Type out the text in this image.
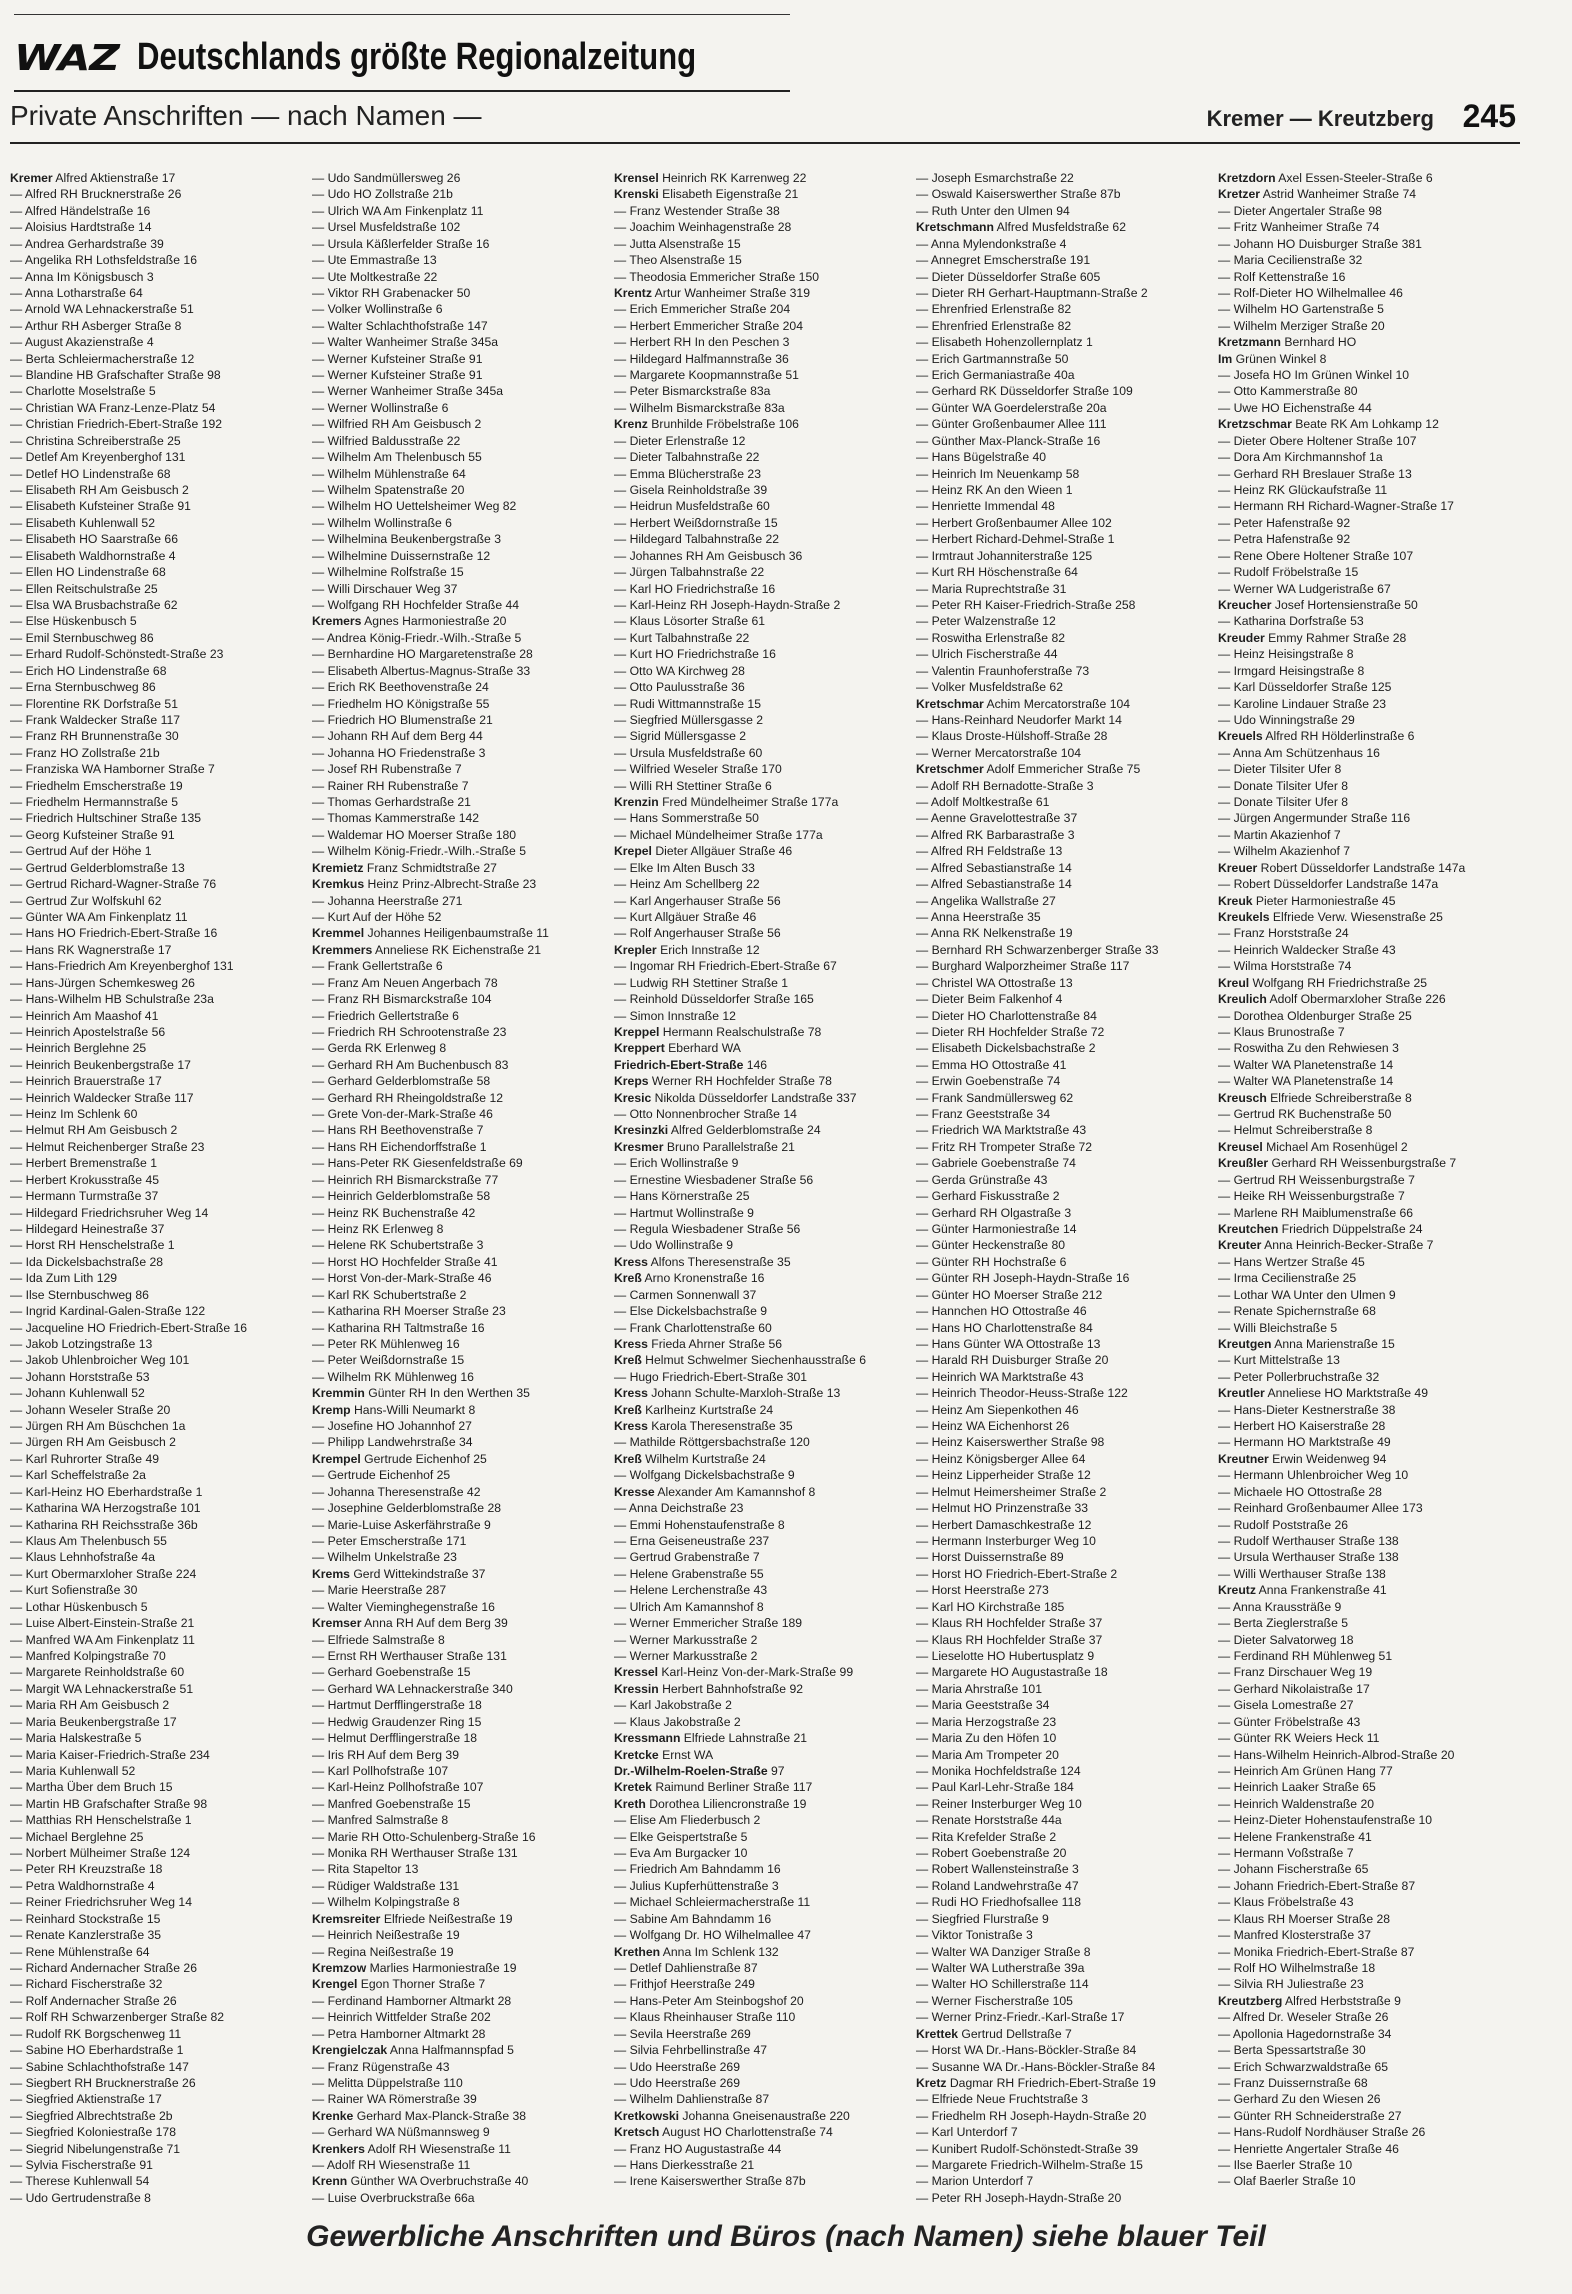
WAZ Deutschlands größte Regionalzeitung
Private Anschriften — nach Namen —	Kremer — Kreutzberg 245
Kremer Alfred Aktienstraße 17
— Alfred RH Brucknerstraße 26
— Alfred Händelstraße 16
— Aloisius Hardtstraße 14
— Andrea Gerhardstraße 39
— Angelika RH Lothsfeldstraße 16
— Anna Im Königsbusch 3
— Anna Lotharstraße 64
— Arnold WA Lehnackerstraße 51
— Arthur RH Asberger Straße 8
— August Akazienstraße 4
— Berta Schleiermacherstraße 12
— Blandine HB Grafschafter Straße 98
— Charlotte Moselstraße 5
— Christian WA Franz-Lenze-Platz 54
— Christian Friedrich-Ebert-Straße 192
— Christina Schreiberstraße 25
— Detlef Am Kreyenberghof 131
— Detlef HO Lindenstraße 68
— Elisabeth RH Am Geisbusch 2
— Elisabeth Kufsteiner Straße 91
— Elisabeth Kuhlenwall 52
— Elisabeth HO Saarstraße 66
— Elisabeth Waldhornstraße 4
— Ellen HO Lindenstraße 68
— Ellen Reitschulstraße 25
— Elsa WA Brusbachstraße 62
— Else Hüskenbusch 5
— Emil Sternbuschweg 86
— Erhard Rudolf-Schönstedt-Straße 23
— Erich HO Lindenstraße 68
— Erna Sternbuschweg 86
— Florentine RK Dorfstraße 51
— Frank Waldecker Straße 117
— Franz RH Brunnenstraße 30
— Franz HO Zollstraße 21b
— Franziska WA Hamborner Straße 7
— Friedhelm Emscherstraße 19
— Friedhelm Hermannstraße 5
— Friedrich Hultschiner Straße 135
— Georg Kufsteiner Straße 91
— Gertrud Auf der Höhe 1
— Gertrud Gelderblomstraße 13
— Gertrud Richard-Wagner-Straße 76
— Gertrud Zur Wolfskuhl 62
— Günter WA Am Finkenplatz 11
— Hans HO Friedrich-Ebert-Straße 16
— Hans RK Wagnerstraße 17
— Hans-Friedrich Am Kreyenberghof 131
— Hans-Jürgen Schemkesweg 26
— Hans-Wilhelm HB Schulstraße 23a
— Heinrich Am Maashof 41
— Heinrich Apostelstraße 56
— Heinrich Berglehne 25
— Heinrich Beukenbergstraße 17
— Heinrich Brauerstraße 17
— Heinrich Waldecker Straße 117
— Heinz Im Schlenk 60
— Helmut RH Am Geisbusch 2
— Helmut Reichenberger Straße 23
— Herbert Bremenstraße 1
— Herbert Krokusstraße 45
— Hermann Turmstraße 37
— Hildegard Friedrichsruher Weg 14
— Hildegard Heinestraße 37
— Horst RH Henschelstraße 1
— Ida Dickelsbachstraße 28
— Ida Zum Lith 129
— Ilse Sternbuschweg 86
— Ingrid Kardinal-Galen-Straße 122
— Jacqueline HO Friedrich-Ebert-Straße 16
— Jakob Lotzingstraße 13
— Jakob Uhlenbroicher Weg 101
— Johann Horststraße 53
— Johann Kuhlenwall 52
— Johann Weseler Straße 20
— Jürgen RH Am Büschchen 1a
— Jürgen RH Am Geisbusch 2
— Karl Ruhrorter Straße 49
— Karl Scheffelstraße 2a
— Karl-Heinz HO Eberhardstraße 1
— Katharina WA Herzogstraße 101
— Katharina RH Reichsstraße 36b
— Klaus Am Thelenbusch 55
— Klaus Lehnhofstraße 4a
— Kurt Obermarxloher Straße 224
— Kurt Sofienstraße 30
— Lothar Hüskenbusch 5
— Luise Albert-Einstein-Straße 21
— Manfred WA Am Finkenplatz 11
— Manfred Kolpingstraße 70
— Margarete Reinholdstraße 60
— Margit WA Lehnackerstraße 51
— Maria RH Am Geisbusch 2
— Maria Beukenbergstraße 17
— Maria Halskestraße 5
— Maria Kaiser-Friedrich-Straße 234
— Maria Kuhlenwall 52
— Martha Über dem Bruch 15
— Martin HB Grafschafter Straße 98
— Matthias RH Henschelstraße 1
— Michael Berglehne 25
— Norbert Mülheimer Straße 124
— Peter RH Kreuzstraße 18
— Petra Waldhornstraße 4
— Reiner Friedrichsruher Weg 14
— Reinhard Stockstraße 15
— Renate Kanzlerstraße 35
— Rene Mühlenstraße 64
— Richard Andernacher Straße 26
— Richard Fischerstraße 32
— Rolf Andernacher Straße 26
— Rolf RH Schwarzenberger Straße 82
— Rudolf RK Borgschenweg 11
— Sabine HO Eberhardstraße 1
— Sabine Schlachthofstraße 147
— Siegbert RH Brucknerstraße 26
— Siegfried Aktienstraße 17
— Siegfried Albrechtstraße 2b
— Siegfried Koloniestraße 178
— Siegrid Nibelungenstraße 71
— Sylvia Fischerstraße 91
— Therese Kuhlenwall 54
— Udo Gertrudenstraße 8
— Udo Sandmüllersweg 26
— Udo HO Zollstraße 21b
— Ulrich WA Am Finkenplatz 11
— Ursel Musfeldstraße 102
— Ursula Käßlerfelder Straße 16
— Ute Emmastraße 13
— Ute Moltkestraße 22
— Viktor RH Grabenacker 50
— Volker Wollinstraße 6
— Walter Schlachthofstraße 147
— Walter Wanheimer Straße 345a
— Werner Kufsteiner Straße 91
— Werner Kufsteiner Straße 91
— Werner Wanheimer Straße 345a
— Werner Wollinstraße 6
— Wilfried RH Am Geisbusch 2
— Wilfried Baldusstraße 22
— Wilhelm Am Thelenbusch 55
— Wilhelm Mühlenstraße 64
— Wilhelm Spatenstraße 20
— Wilhelm HO Uettelsheimer Weg 82
— Wilhelm Wollinstraße 6
— Wilhelmina Beukenbergstraße 3
— Wilhelmine Duissernstraße 12
— Wilhelmine Rolfstraße 15
— Willi Dirschauer Weg 37
— Wolfgang RH Hochfelder Straße 44
Kremers Agnes Harmoniestraße 20
— Andrea König-Friedr.-Wilh.-Straße 5
— Bernhardine HO Margaretenstraße 28
— Elisabeth Albertus-Magnus-Straße 33
— Erich RK Beethovenstraße 24
— Friedhelm HO Königstraße 55
— Friedrich HO Blumenstraße 21
— Johann RH Auf dem Berg 44
— Johanna HO Friedenstraße 3
— Josef RH Rubenstraße 7
— Rainer RH Rubenstraße 7
— Thomas Gerhardstraße 21
— Thomas Kammerstraße 142
— Waldemar HO Moerser Straße 180
— Wilhelm König-Friedr.-Wilh.-Straße 5
Kremietz Franz Schmidtstraße 27
Kremkus Heinz Prinz-Albrecht-Straße 23
— Johanna Heerstraße 271
— Kurt Auf der Höhe 52
Kremmel Johannes Heiligenbaumstraße 11
Kremmers Anneliese RK Eichenstraße 21
— Frank Gellertstraße 6
— Franz Am Neuen Angerbach 78
— Franz RH Bismarckstraße 104
— Friedrich Gellertstraße 6
— Friedrich RH Schrootenstraße 23
— Gerda RK Erlenweg 8
— Gerhard RH Am Buchenbusch 83
— Gerhard Gelderblomstraße 58
— Gerhard RH Rheingoldstraße 12
— Grete Von-der-Mark-Straße 46
— Hans RH Beethovenstraße 7
— Hans RH Eichendorffstraße 1
— Hans-Peter RK Giesenfeldstraße 69
— Heinrich RH Bismarckstraße 77
— Heinrich Gelderblomstraße 58
— Heinz RK Buchenstraße 42
— Heinz RK Erlenweg 8
— Helene RK Schubertstraße 3
— Horst HO Hochfelder Straße 41
— Horst Von-der-Mark-Straße 46
— Karl RK Schubertstraße 2
— Katharina RH Moerser Straße 23
— Katharina RH Taltmstraße 16
— Peter RK Mühlenweg 16
— Peter Weißdornstraße 15
— Wilhelm RK Mühlenweg 16
Kremmin Günter RH In den Werthen 35
Kremp Hans-Willi Neumarkt 8
— Josefine HO Johannhof 27
— Philipp Landwehrstraße 34
Krempel Gertrude Eichenhof 25
— Gertrude Eichenhof 25
— Johanna Theresenstraße 42
— Josephine Gelderblomstraße 28
— Marie-Luise Askerfährstraße 9
— Peter Emscherstraße 171
— Wilhelm Unkelstraße 23
Krems Gerd Wittekindstraße 37
— Marie Heerstraße 287
— Walter Vieminghegenstraße 16
Kremser Anna RH Auf dem Berg 39
— Elfriede Salmstraße 8
— Ernst RH Werthauser Straße 131
— Gerhard Goebenstraße 15
— Gerhard WA Lehnackerstraße 340
— Hartmut Derfflingerstraße 18
— Hedwig Graudenzer Ring 15
— Helmut Derfflingerstraße 18
— Iris RH Auf dem Berg 39
— Karl Pollhofstraße 107
— Karl-Heinz Pollhofstraße 107
— Manfred Goebenstraße 15
— Manfred Salmstraße 8
— Marie RH Otto-Schulenberg-Straße 16
— Monika RH Werthauser Straße 131
— Rita Stapeltor 13
— Rüdiger Waldstraße 131
— Wilhelm Kolpingstraße 8
Kremsreiter Elfriede Neißestraße 19
— Heinrich Neißestraße 19
— Regina Neißestraße 19
Kremzow Marlies Harmoniestraße 19
Krengel Egon Thorner Straße 7
— Ferdinand Hamborner Altmarkt 28
— Heinrich Wittfelder Straße 202
— Petra Hamborner Altmarkt 28
Krengielczak Anna Halfmannspfad 5
— Franz Rügenstraße 43
— Melitta Düppelstraße 110
— Rainer WA Römerstraße 39
Krenke Gerhard Max-Planck-Straße 38
— Gerhard WA Nüßmannsweg 9
Krenkers Adolf RH Wiesenstraße 11
— Adolf RH Wiesenstraße 11
Krenn Günther WA Overbruchstraße 40
— Luise Overbruckstraße 66a
Krensel Heinrich RK Karrenweg 22
Krenski Elisabeth Eigenstraße 21
— Franz Westender Straße 38
— Joachim Weinhagenstraße 28
— Jutta Alsenstraße 15
— Theo Alsenstraße 15
— Theodosia Emmericher Straße 150
Krentz Artur Wanheimer Straße 319
— Erich Emmericher Straße 204
— Herbert Emmericher Straße 204
— Herbert RH In den Peschen 3
— Hildegard Halfmannstraße 36
— Margarete Koopmannstraße 51
— Peter Bismarckstraße 83a
— Wilhelm Bismarckstraße 83a
Krenz Brunhilde Fröbelstraße 106
— Dieter Erlenstraße 12
— Dieter Talbahnstraße 22
— Emma Blücherstraße 23
— Gisela Reinholdstraße 39
— Heidrun Musfeldstraße 60
— Herbert Weißdornstraße 15
— Hildegard Talbahnstraße 22
— Johannes RH Am Geisbusch 36
— Jürgen Talbahnstraße 22
— Karl HO Friedrichstraße 16
— Karl-Heinz RH Joseph-Haydn-Straße 2
— Klaus Lösorter Straße 61
— Kurt Talbahnstraße 22
— Kurt HO Friedrichstraße 16
— Otto WA Kirchweg 28
— Otto Paulusstraße 36
— Rudi Wittmannstraße 15
— Siegfried Müllersgasse 2
— Sigrid Müllersgasse 2
— Ursula Musfeldstraße 60
— Wilfried Weseler Straße 170
— Willi RH Stettiner Straße 6
Krenzin Fred Mündelheimer Straße 177a
— Hans Sommerstraße 50
— Michael Mündelheimer Straße 177a
Krepel Dieter Allgäuer Straße 46
— Elke Im Alten Busch 33
— Heinz Am Schellberg 22
— Karl Angerhauser Straße 56
— Kurt Allgäuer Straße 46
— Rolf Angerhauser Straße 56
Krepler Erich Innstraße 12
— Ingomar RH Friedrich-Ebert-Straße 67
— Ludwig RH Stettiner Straße 1
— Reinhold Düsseldorfer Straße 165
— Simon Innstraße 12
Kreppel Hermann Realschulstraße 78
Kreppert Eberhard WA
Friedrich-Ebert-Straße 146
Kreps Werner RH Hochfelder Straße 78
Kresic Nikolda Düsseldorfer Landstraße 337
— Otto Nonnenbrocher Straße 14
Kresinzki Alfred Gelderblomstraße 24
Kresmer Bruno Parallelstraße 21
— Erich Wollinstraße 9
— Ernestine Wiesbadener Straße 56
— Hans Körnerstraße 25
— Hartmut Wollinstraße 9
— Regula Wiesbadener Straße 56
— Udo Wollinstraße 9
Kress Alfons Theresenstraße 35
Kreß Arno Kronenstraße 16
— Carmen Sonnenwall 37
— Else Dickelsbachstraße 9
— Frank Charlottenstraße 60
Kress Frieda Ahrner Straße 56
Kreß Helmut Schwelmer Siechenhausstraße 6
— Hugo Friedrich-Ebert-Straße 301
Kress Johann Schulte-Marxloh-Straße 13
Kreß Karlheinz Kurtstraße 24
Kress Karola Theresenstraße 35
— Mathilde Röttgersbachstraße 120
Kreß Wilhelm Kurtstraße 24
— Wolfgang Dickelsbachstraße 9
Kresse Alexander Am Kamannshof 8
— Anna Deichstraße 23
— Emmi Hohenstaufenstraße 8
— Erna Geiseneustraße 237
— Gertrud Grabenstraße 7
— Helene Grabenstraße 55
— Helene Lerchenstraße 43
— Ulrich Am Kamannshof 8
— Werner Emmericher Straße 189
— Werner Markusstraße 2
— Werner Markusstraße 2
Kressel Karl-Heinz Von-der-Mark-Straße 99
Kressin Herbert Bahnhofstraße 92
— Karl Jakobstraße 2
— Klaus Jakobstraße 2
Kressmann Elfriede Lahnstraße 21
Kretcke Ernst WA
Dr.-Wilhelm-Roelen-Straße 97
Kretek Raimund Berliner Straße 117
Kreth Dorothea Liliencronstraße 19
— Elise Am Fliederbusch 2
— Elke Geispertstraße 5
— Eva Am Burgacker 10
— Friedrich Am Bahndamm 16
— Julius Kupferhüttenstraße 3
— Michael Schleiermacherstraße 11
— Sabine Am Bahndamm 16
— Wolfgang Dr. HO Wilhelmallee 47
Krethen Anna Im Schlenk 132
— Detlef Dahlienstraße 87
— Frithjof Heerstraße 249
— Hans-Peter Am Steinbogshof 20
— Klaus Rheinhauser Straße 110
— Sevila Heerstraße 269
— Silvia Fehrbellinstraße 47
— Udo Heerstraße 269
— Udo Heerstraße 269
— Wilhelm Dahlienstraße 87
Kretkowski Johanna Gneisenaustraße 220
Kretsch August HO Charlottenstraße 74
— Franz HO Augustastraße 44
— Hans Dierkesstraße 21
— Irene Kaiserswerther Straße 87b
— Joseph Esmarchstraße 22
— Oswald Kaiserswerther Straße 87b
— Ruth Unter den Ulmen 94
Kretschmann Alfred Musfeldstraße 62
— Anna Mylendonkstraße 4
— Annegret Emscherstraße 191
— Dieter Düsseldorfer Straße 605
— Dieter RH Gerhart-Hauptmann-Straße 2
— Ehrenfried Erlenstraße 82
— Ehrenfried Erlenstraße 82
— Elisabeth Hohenzollernplatz 1
— Erich Gartmannstraße 50
— Erich Germaniastraße 40a
— Gerhard RK Düsseldorfer Straße 109
— Günter WA Goerdelerstraße 20a
— Günter Großenbaumer Allee 111
— Günther Max-Planck-Straße 16
— Hans Bügelstraße 40
— Heinrich Im Neuenkamp 58
— Heinz RK An den Wieen 1
— Henriette Immendal 48
— Herbert Großenbaumer Allee 102
— Herbert Richard-Dehmel-Straße 1
— Irmtraut Johanniterstraße 125
— Kurt RH Höschenstraße 64
— Maria Ruprechtstraße 31
— Peter RH Kaiser-Friedrich-Straße 258
— Peter Walzenstraße 12
— Roswitha Erlenstraße 82
— Ulrich Fischerstraße 44
— Valentin Fraunhoferstraße 73
— Volker Musfeldstraße 62
Kretschmar Achim Mercatorstraße 104
— Hans-Reinhard Neudorfer Markt 14
— Klaus Droste-Hülshoff-Straße 28
— Werner Mercatorstraße 104
Kretschmer Adolf Emmericher Straße 75
— Adolf RH Bernadotte-Straße 3
— Adolf Moltkestraße 61
— Aenne Gravelottestraße 37
— Alfred RK Barbarastraße 3
— Alfred RH Feldstraße 13
— Alfred Sebastianstraße 14
— Alfred Sebastianstraße 14
— Angelika Wallstraße 27
— Anna Heerstraße 35
— Anna RK Nelkenstraße 19
— Bernhard RH Schwarzenberger Straße 33
— Burghard Walporzheimer Straße 117
— Christel WA Ottostraße 13
— Dieter Beim Falkenhof 4
— Dieter HO Charlottenstraße 84
— Dieter RH Hochfelder Straße 72
— Elisabeth Dickelsbachstraße 2
— Emma HO Ottostraße 41
— Erwin Goebenstraße 74
— Frank Sandmüllersweg 62
— Franz Geeststraße 34
— Friedrich WA Marktstraße 43
— Fritz RH Trompeter Straße 72
— Gabriele Goebenstraße 74
— Gerda Grünstraße 43
— Gerhard Fiskusstraße 2
— Gerhard RH Olgastraße 3
— Günter Harmoniestraße 14
— Günter Heckenstraße 80
— Günter RH Hochstraße 6
— Günter RH Joseph-Haydn-Straße 16
— Günter HO Moerser Straße 212
— Hannchen HO Ottostraße 46
— Hans HO Charlottenstraße 84
— Hans Günter WA Ottostraße 13
— Harald RH Duisburger Straße 20
— Heinrich WA Marktstraße 43
— Heinrich Theodor-Heuss-Straße 122
— Heinz Am Siepenkothen 46
— Heinz WA Eichenhorst 26
— Heinz Kaiserswerther Straße 98
— Heinz Königsberger Allee 64
— Heinz Lipperheider Straße 12
— Helmut Heimersheimer Straße 2
— Helmut HO Prinzenstraße 33
— Herbert Damaschkestraße 12
— Hermann Insterburger Weg 10
— Horst Duissernstraße 89
— Horst HO Friedrich-Ebert-Straße 2
— Horst Heerstraße 273
— Karl HO Kirchstraße 185
— Klaus RH Hochfelder Straße 37
— Klaus RH Hochfelder Straße 37
— Lieselotte HO Hubertusplatz 9
— Margarete HO Augustastraße 18
— Maria Ahrstraße 101
— Maria Geeststraße 34
— Maria Herzogstraße 23
— Maria Zu den Höfen 10
— Maria Am Trompeter 20
— Monika Hochfeldstraße 124
— Paul Karl-Lehr-Straße 184
— Reiner Insterburger Weg 10
— Renate Horststraße 44a
— Rita Krefelder Straße 2
— Robert Goebenstraße 20
— Robert Wallensteinstraße 3
— Roland Landwehrstraße 47
— Rudi HO Friedhofsallee 118
— Siegfried Flurstraße 9
— Viktor Tonistraße 3
— Walter WA Danziger Straße 8
— Walter WA Lutherstraße 39a
— Walter HO Schillerstraße 114
— Werner Fischerstraße 105
— Werner Prinz-Friedr.-Karl-Straße 17
Krettek Gertrud Dellstraße 7
— Horst WA Dr.-Hans-Böckler-Straße 84
— Susanne WA Dr.-Hans-Böckler-Straße 84
Kretz Dagmar RH Friedrich-Ebert-Straße 19
— Elfriede Neue Fruchtstraße 3
— Friedhelm RH Joseph-Haydn-Straße 20
— Karl Unterdorf 7
— Kunibert Rudolf-Schönstedt-Straße 39
— Margarete Friedrich-Wilhelm-Straße 15
— Marion Unterdorf 7
— Peter RH Joseph-Haydn-Straße 20
Kretzdorn Axel Essen-Steeler-Straße 6
Kretzer Astrid Wanheimer Straße 74
— Dieter Angertaler Straße 98
— Fritz Wanheimer Straße 74
— Johann HO Duisburger Straße 381
— Maria Cecilienstraße 32
— Rolf Kettenstraße 16
— Rolf-Dieter HO Wilhelmallee 46
— Wilhelm HO Gartenstraße 5
— Wilhelm Merziger Straße 20
Kretzmann Bernhard HO
Im Grünen Winkel 8
— Josefa HO Im Grünen Winkel 10
— Otto Kammerstraße 80
— Uwe HO Eichenstraße 44
Kretzschmar Beate RK Am Lohkamp 12
— Dieter Obere Holtener Straße 107
— Dora Am Kirchmannshof 1a
— Gerhard RH Breslauer Straße 13
— Heinz RK Glückaufstraße 11
— Hermann RH Richard-Wagner-Straße 17
— Peter Hafenstraße 92
— Petra Hafenstraße 92
— Rene Obere Holtener Straße 107
— Rudolf Fröbelstraße 15
— Werner WA Ludgeristraße 67
Kreucher Josef Hortensienstraße 50
— Katharina Dorfstraße 53
Kreuder Emmy Rahmer Straße 28
— Heinz Heisingstraße 8
— Irmgard Heisingstraße 8
— Karl Düsseldorfer Straße 125
— Karoline Lindauer Straße 23
— Udo Winningstraße 29
Kreuels Alfred RH Hölderlinstraße 6
— Anna Am Schützenhaus 16
— Dieter Tilsiter Ufer 8
— Donate Tilsiter Ufer 8
— Donate Tilsiter Ufer 8
— Jürgen Angermunder Straße 116
— Martin Akazienhof 7
— Wilhelm Akazienhof 7
Kreuer Robert Düsseldorfer Landstraße 147a
— Robert Düsseldorfer Landstraße 147a
Kreuk Pieter Harmoniestraße 45
Kreukels Elfriede Verw. Wiesenstraße 25
— Franz Horststraße 24
— Heinrich Waldecker Straße 43
— Wilma Horststraße 74
Kreul Wolfgang RH Friedrichstraße 25
Kreulich Adolf Obermarxloher Straße 226
— Dorothea Oldenburger Straße 25
— Klaus Brunostraße 7
— Roswitha Zu den Rehwiesen 3
— Walter WA Planetenstraße 14
— Walter WA Planetenstraße 14
Kreusch Elfriede Schreiberstraße 8
— Gertrud RK Buchenstraße 50
— Helmut Schreiberstraße 8
Kreusel Michael Am Rosenhügel 2
Kreußler Gerhard RH Weissenburgstraße 7
— Gertrud RH Weissenburgstraße 7
— Heike RH Weissenburgstraße 7
— Marlene RH Maiblumenstraße 66
Kreutchen Friedrich Düppelstraße 24
Kreuter Anna Heinrich-Becker-Straße 7
— Hans Wertzer Straße 45
— Irma Cecilienstraße 25
— Lothar WA Unter den Ulmen 9
— Renate Spichernstraße 68
— Willi Bleichstraße 5
Kreutgen Anna Marienstraße 15
— Kurt Mittelstraße 13
— Peter Pollerbruchstraße 32
Kreutler Anneliese HO Marktstraße 49
— Hans-Dieter Kestnerstraße 38
— Herbert HO Kaiserstraße 28
— Hermann HO Marktstraße 49
Kreutner Erwin Weidenweg 94
— Hermann Uhlenbroicher Weg 10
— Michaele HO Ottostraße 28
— Reinhard Großenbaumer Allee 173
— Rudolf Poststraße 26
— Rudolf Werthauser Straße 138
— Ursula Werthauser Straße 138
— Willi Werthauser Straße 138
Kreutz Anna Frankenstraße 41
— Anna Kraussträße 9
— Berta Zieglerstraße 5
— Dieter Salvatorweg 18
— Ferdinand RH Mühlenweg 51
— Franz Dirschauer Weg 19
— Gerhard Nikolaistraße 17
— Gisela Lomestraße 27
— Günter Fröbelstraße 43
— Günter RK Weiers Heck 11
— Hans-Wilhelm Heinrich-Albrod-Straße 20
— Heinrich Am Grünen Hang 77
— Heinrich Laaker Straße 65
— Heinrich Waldenstraße 20
— Heinz-Dieter Hohenstaufenstraße 10
— Helene Frankenstraße 41
— Hermann Voßstraße 7
— Johann Fischerstraße 65
— Johann Friedrich-Ebert-Straße 87
— Klaus Fröbelstraße 43
— Klaus RH Moerser Straße 28
— Manfred Klosterstraße 37
— Monika Friedrich-Ebert-Straße 87
— Rolf HO Wilhelmstraße 18
— Silvia RH Juliestraße 23
Kreutzberg Alfred Herbststraße 9
— Alfred Dr. Weseler Straße 26
— Apollonia Hagedornstraße 34
— Berta Spessartstraße 30
— Erich Schwarzwaldstraße 65
— Franz Duissernstraße 68
— Gerhard Zu den Wiesen 26
— Günter RH Schneiderstraße 27
— Hans-Rudolf Nordhäuser Straße 26
— Henriette Angertaler Straße 46
— Ilse Baerler Straße 10
— Olaf Baerler Straße 10
Gewerbliche Anschriften und Büros (nach Namen) siehe blauer Teil
